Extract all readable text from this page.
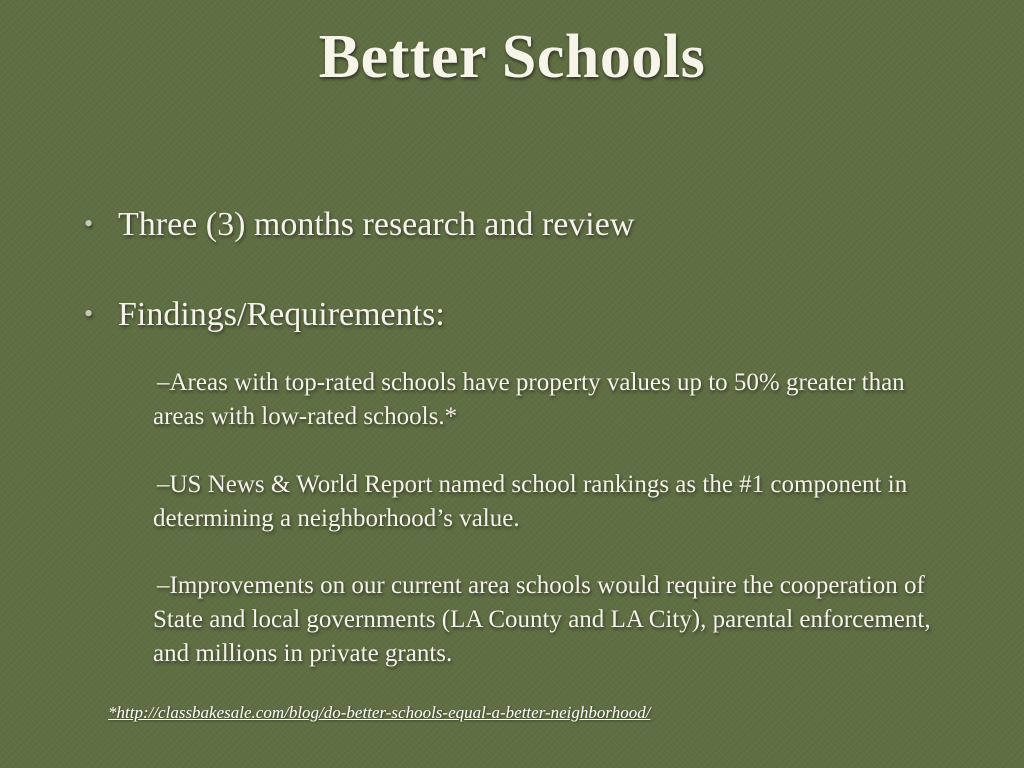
Better Schools
• Three (3) months research and review
• Findings/Requirements:
–Areas with top-rated schools have property values up to 50% greater than areas with low-rated schools.*
–US News & World Report named school rankings as the #1 component in determining a neighborhood’s value.
–Improvements on our current area schools would require the cooperation of State and local governments (LA County and LA City), parental enforcement, and millions in private grants.
*http://classbakesale.com/blog/do-better-schools-equal-a-better-neighborhood/
